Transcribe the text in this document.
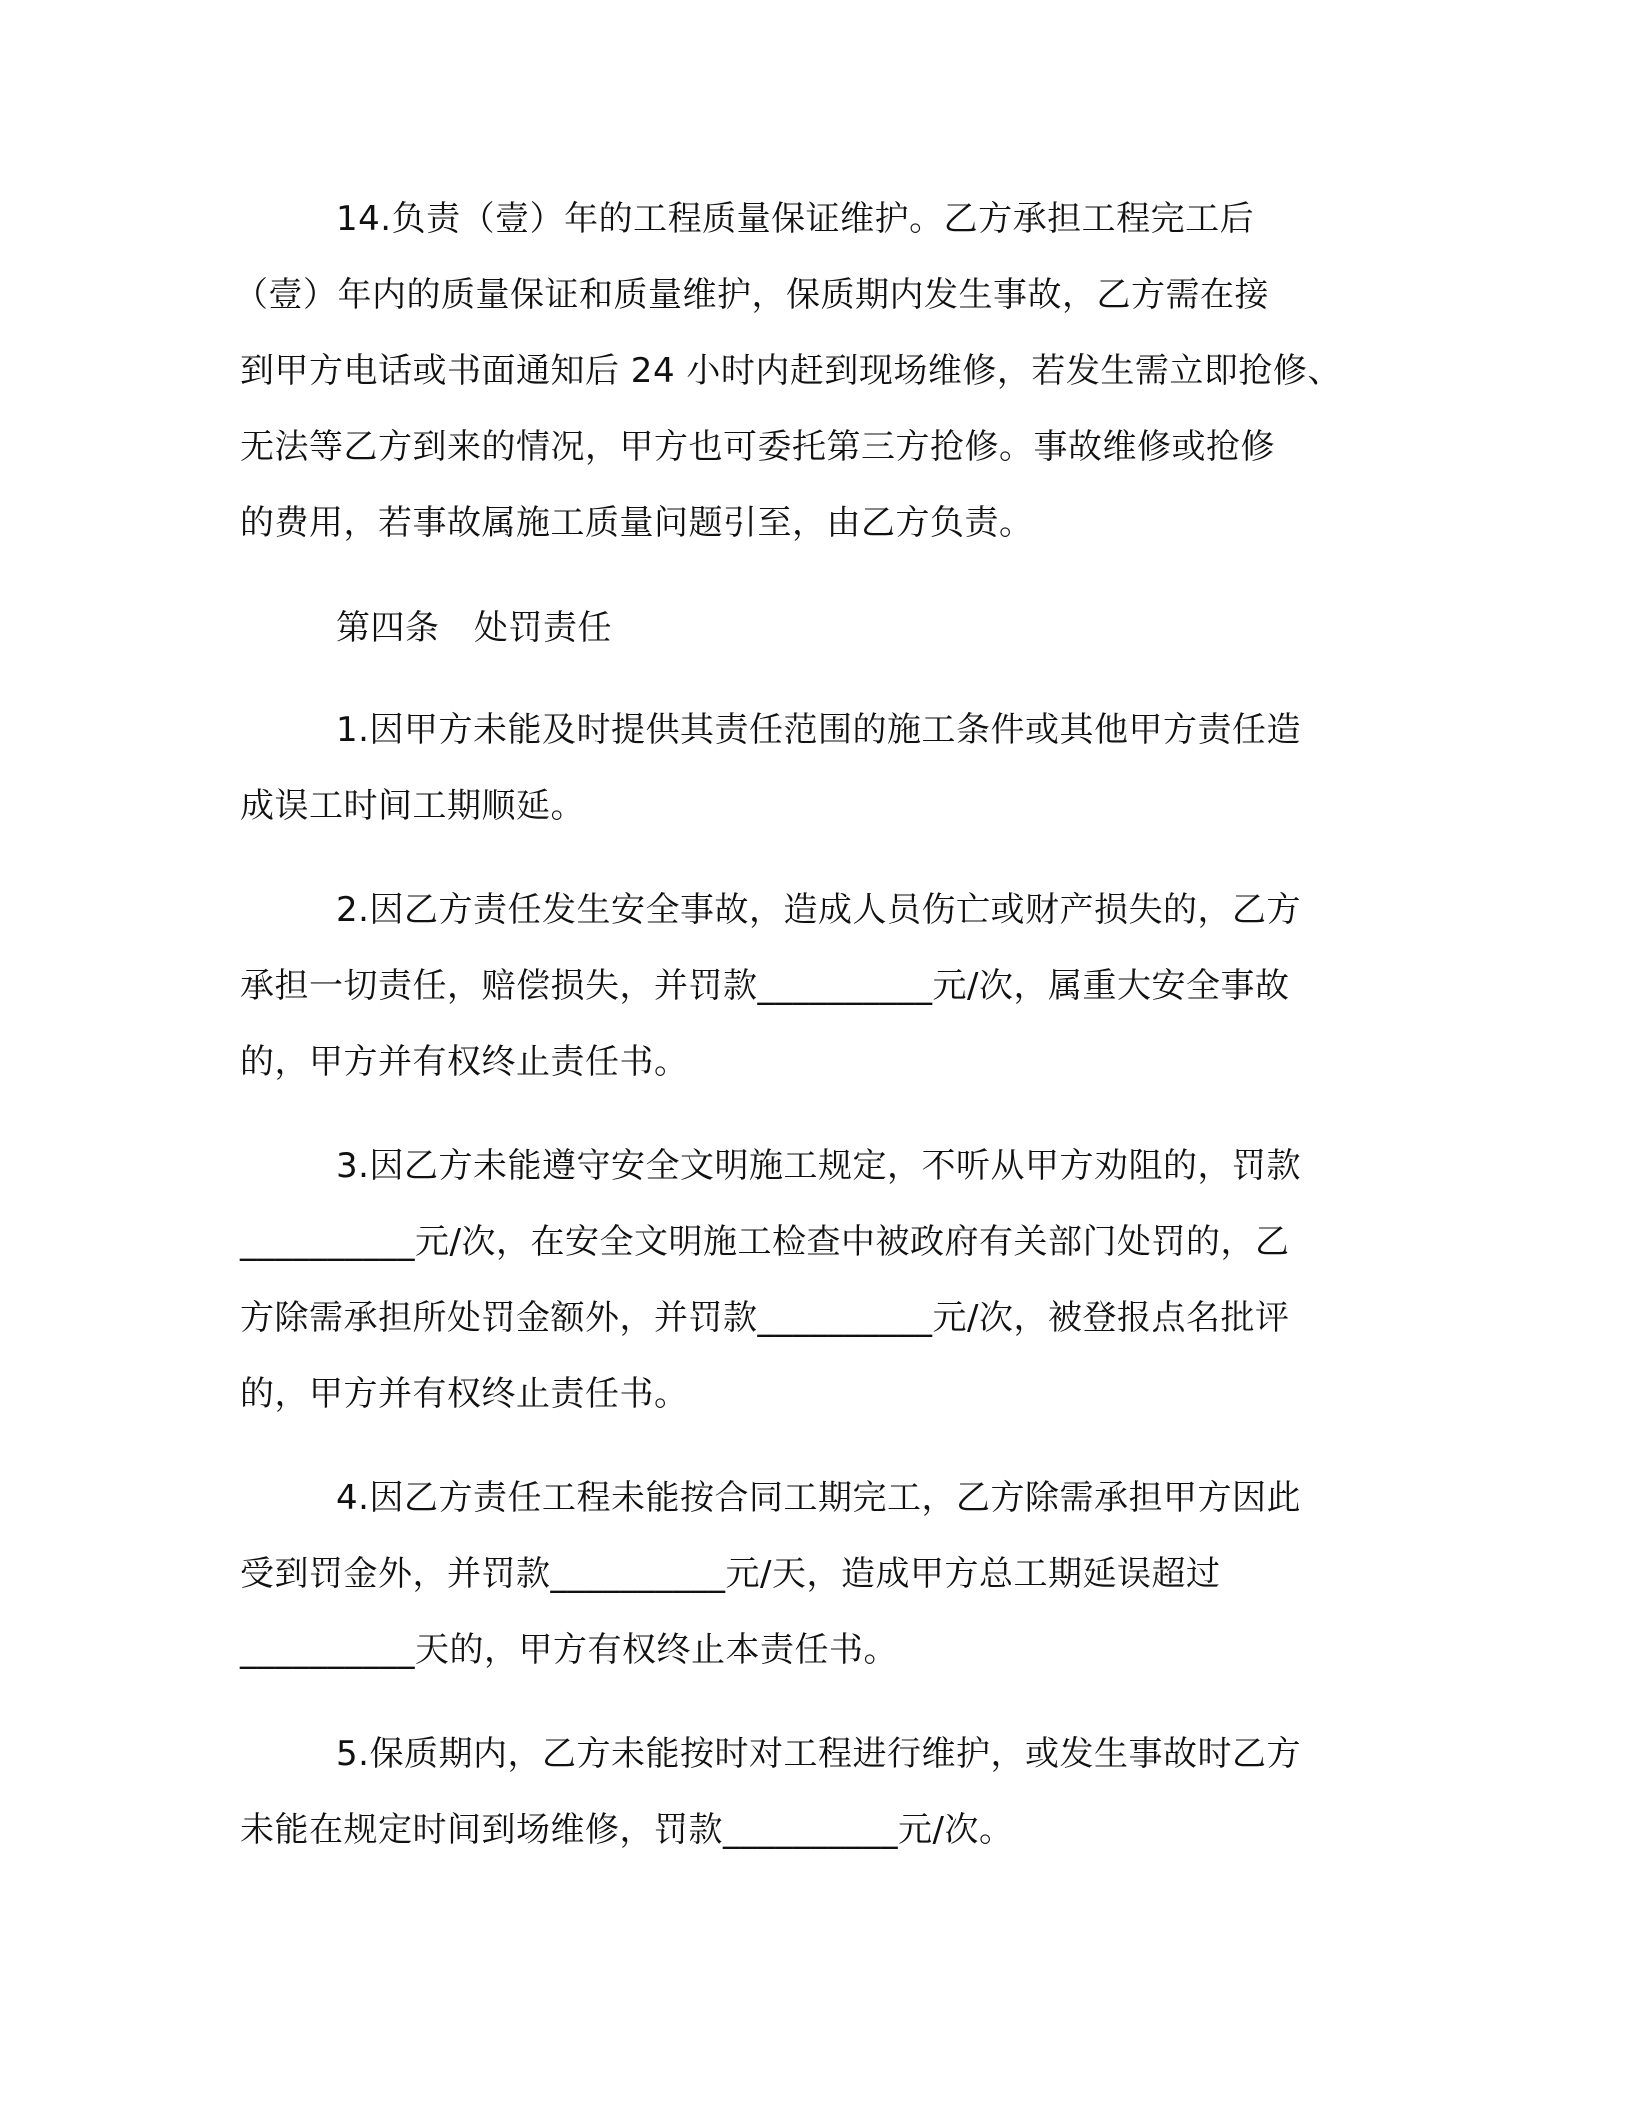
14.负责（壹）年的工程质量保证维护。乙方承担工程完工后
（壹）年内的质量保证和质量维护，保质期内发生事故，乙方需在接
到甲方电话或书面通知后 24 小时内赶到现场维修，若发生需立即抢修、
无法等乙方到来的情况，甲方也可委托第三方抢修。事故维修或抢修
的费用，若事故属施工质量问题引至，由乙方负责。
第四条　处罚责任
1.因甲方未能及时提供其责任范围的施工条件或其他甲方责任造
成误工时间工期顺延。
2.因乙方责任发生安全事故，造成人员伤亡或财产损失的，乙方
承担一切责任，赔偿损失，并罚款__________元/次，属重大安全事故
的，甲方并有权终止责任书。
3.因乙方未能遵守安全文明施工规定，不听从甲方劝阻的，罚款
__________元/次，在安全文明施工检查中被政府有关部门处罚的，乙
方除需承担所处罚金额外，并罚款__________元/次，被登报点名批评
的，甲方并有权终止责任书。
4.因乙方责任工程未能按合同工期完工，乙方除需承担甲方因此
受到罚金外，并罚款__________元/天，造成甲方总工期延误超过
__________天的，甲方有权终止本责任书。
5.保质期内，乙方未能按时对工程进行维护，或发生事故时乙方
未能在规定时间到场维修，罚款__________元/次。
